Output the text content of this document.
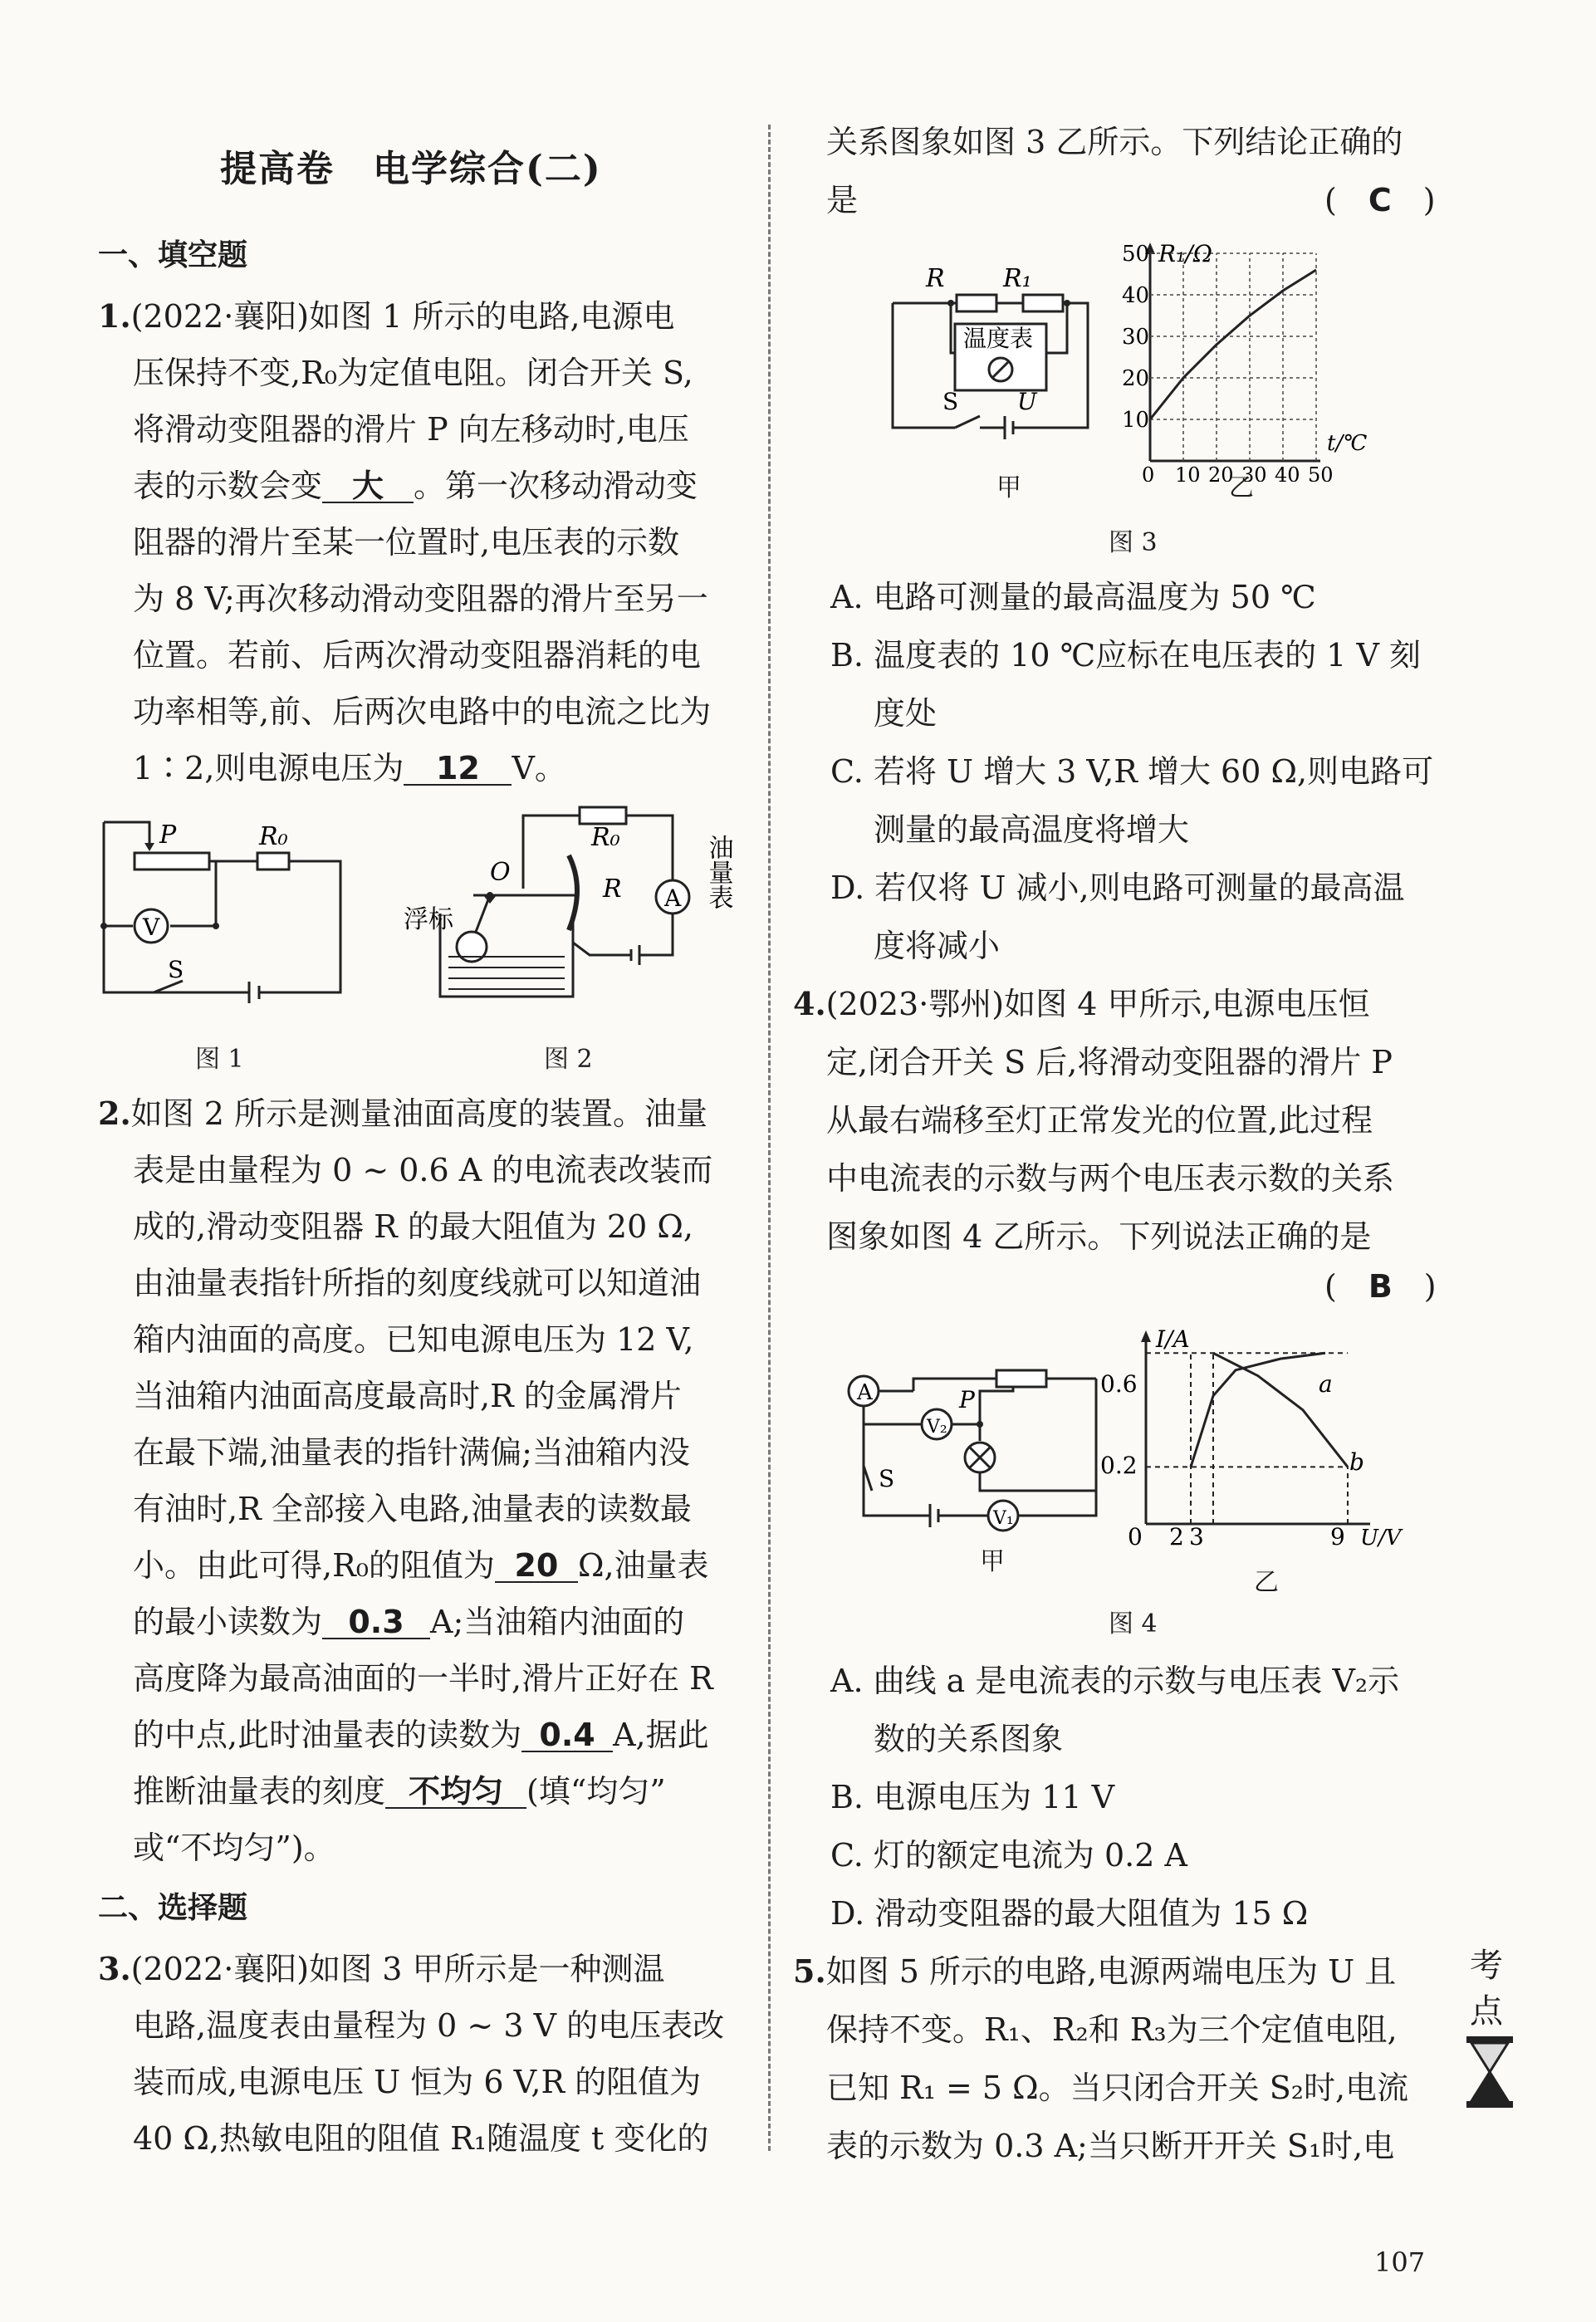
提高卷　电学综合(二)
一、填空题
1.(2022·襄阳)如图 1 所示的电路,电源电
压保持不变,R₀为定值电阻。闭合开关 S,
将滑动变阻器的滑片 P 向左移动时,电压
表的示数会变 大 。第一次移动滑动变
阻器的滑片至某一位置时,电压表的示数
为 8 V;再次移动滑动变阻器的滑片至另一
位置。若前、后两次滑动变阻器消耗的电
功率相等,前、后两次电路中的电流之比为
1∶2,则电源电压为 12 V。
P	R₀
V
S
图 1
O
R₀
R A
浮标
油量表
图 2
2.如图 2 所示是测量油面高度的装置。油量
表是由量程为 0 ~ 0.6 A 的电流表改装而
成的,滑动变阻器 R 的最大阻值为 20 Ω,
由油量表指针所指的刻度线就可以知道油
箱内油面的高度。已知电源电压为 12 V,
当油箱内油面高度最高时,R 的金属滑片
在最下端,油量表的指针满偏;当油箱内没
有油时,R 全部接入电路,油量表的读数最
小。由此可得,R₀的阻值为 20 Ω,油量表
的最小读数为 0.3 A;当油箱内油面的
高度降为最高油面的一半时,滑片正好在 R
的中点,此时油量表的读数为 0.4 A,据此
推断油量表的刻度 不均匀 (填“均匀”
或“不均匀”)。
二、选择题
3.(2022·襄阳)如图 3 甲所示是一种测温
电路,温度表由量程为 0 ~ 3 V 的电压表改
装而成,电源电压 U 恒为 6 V,R 的阻值为
40 Ω,热敏电阻的阻值 R₁随温度 t 变化的
关系图象如图 3 乙所示。下列结论正确的
是	(　C　)
R R₁
温度表
S	U
甲	0 10 20 30 40 50
10
20
30
40
50 R₁/Ω
t/℃
乙
图 3
A. 电路可测量的最高温度为 50 ℃
B. 温度表的 10 ℃应标在电压表的 1 V 刻
度处
C. 若将 U 增大 3 V,R 增大 60 Ω,则电路可
测量的最高温度将增大
D. 若仅将 U 减小,则电路可测量的最高温
度将减小
4.(2023·鄂州)如图 4 甲所示,电源电压恒
定,闭合开关 S 后,将滑动变阻器的滑片 P
从最右端移至灯正常发光的位置,此过程
中电流表的示数与两个电压表示数的关系
图象如图 4 乙所示。下列说法正确的是
(　B　)
A
V₂
V₁
P
S
甲
I/A
U/V
0.6
0.2
0 2 3	9
a
b
乙
图 4
A. 曲线 a 是电流表的示数与电压表 V₂示
数的关系图象
B. 电源电压为 11 V
C. 灯的额定电流为 0.2 A
D. 滑动变阻器的最大阻值为 15 Ω
5.如图 5 所示的电路,电源两端电压为 U 且
保持不变。R₁、R₂和 R₃为三个定值电阻,
已知 R₁ = 5 Ω。当只闭合开关 S₂时,电流
表的示数为 0.3 A;当只断开开关 S₁时,电
考
点
107
